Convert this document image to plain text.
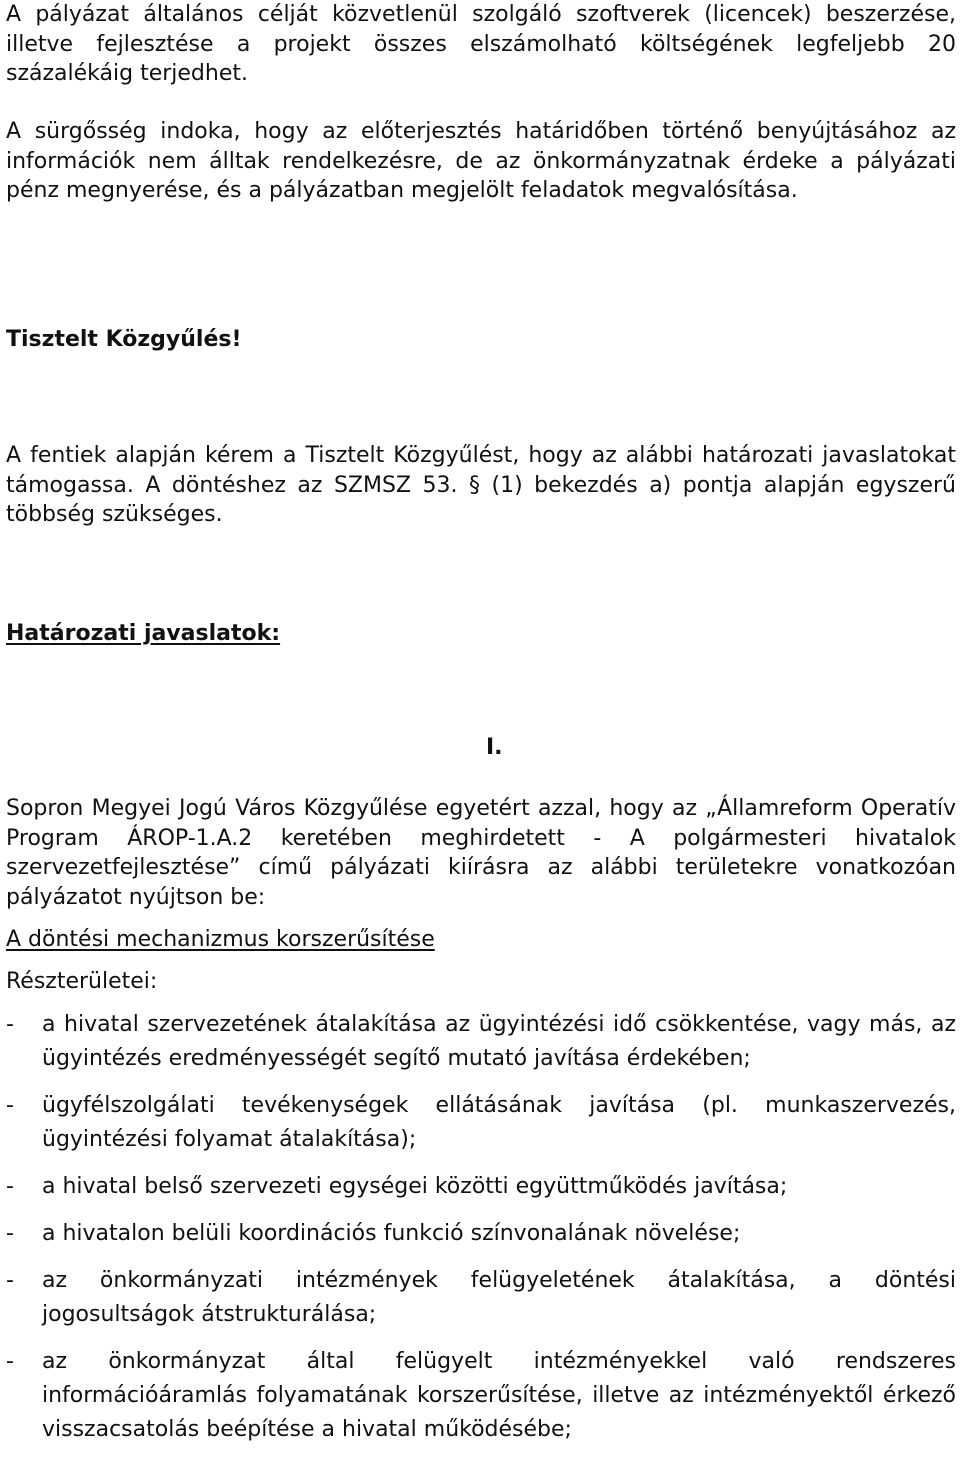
A pályázat általános célját közvetlenül szolgáló szoftverek (licencek) beszerzése, illetve fejlesztése a projekt összes elszámolható költségének legfeljebb 20 százalékáig terjedhet.

A sürgősség indoka, hogy az előterjesztés határidőben történő benyújtásához az információk nem álltak rendelkezésre, de az önkormányzatnak érdeke a pályázati pénz megnyerése, és a pályázatban megjelölt feladatok megvalósítása.

Tisztelt Közgyűlés!

A fentiek alapján kérem a Tisztelt Közgyűlést, hogy az alábbi határozati javaslatokat támogassa. A döntéshez az SZMSZ 53. § (1) bekezdés a) pontja alapján egyszerű többség szükséges.

Határozati javaslatok:

I.

Sopron Megyei Jogú Város Közgyűlése egyetért azzal, hogy az „Államreform Operatív Program ÁROP-1.A.2 keretében meghirdetett - A polgármesteri hivatalok szervezetfejlesztése” című pályázati kiírásra az alábbi területekre vonatkozóan pályázatot nyújtson be:

A döntési mechanizmus korszerűsítése

Részterületei:

- a hivatal szervezetének átalakítása az ügyintézési idő csökkentése, vagy más, az ügyintézés eredményességét segítő mutató javítása érdekében;
- ügyfélszolgálati tevékenységek ellátásának javítása (pl. munkaszervezés, ügyintézési folyamat átalakítása);
- a hivatal belső szervezeti egységei közötti együttműködés javítása;
- a hivatalon belüli koordinációs funkció színvonalának növelése;
- az önkormányzati intézmények felügyeletének átalakítása, a döntési jogosultságok átstrukturálása;
- az önkormányzat által felügyelt intézményekkel való rendszeres információáramlás folyamatának korszerűsítése, illetve az intézményektől érkező visszacsatolás beépítése a hivatal működésébe;
